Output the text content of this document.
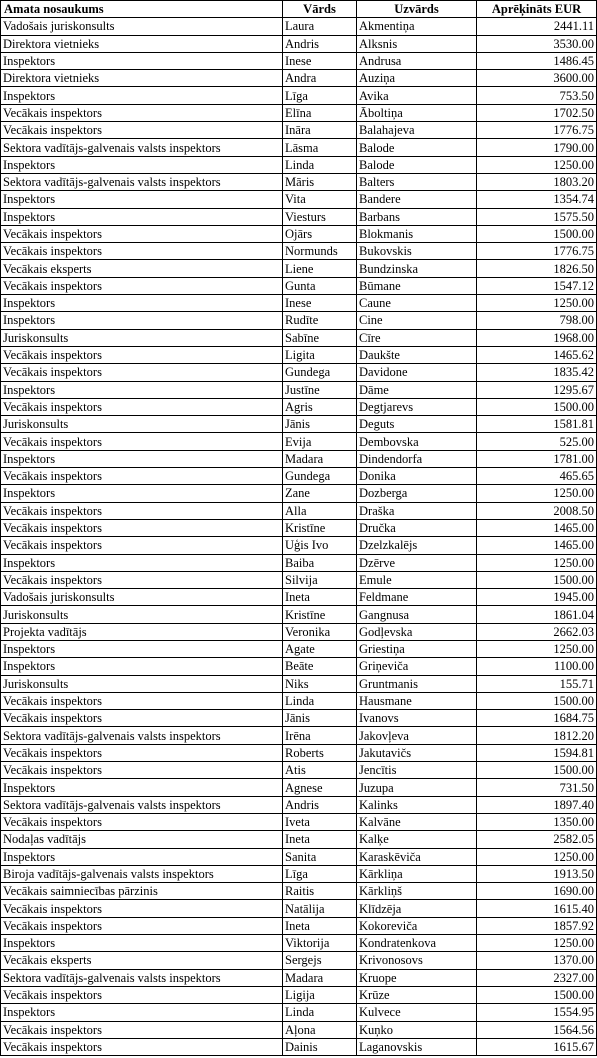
Amata nosaukums	Vārds	Uzvārds	Aprēķināts EUR
Vadošais juriskonsults	Laura	Akmentiņa	2441.11
Direktora vietnieks	Andris	Alksnis	3530.00
Inspektors	Inese	Andrusa	1486.45
Direktora vietnieks	Andra	Auziņa	3600.00
Inspektors	Līga	Avika	753.50
Vecākais inspektors	Elīna	Āboltiņa	1702.50
Vecākais inspektors	Ināra	Balahajeva	1776.75
Sektora vadītājs-galvenais valsts inspektors	Lāsma	Balode	1790.00
Inspektors	Linda	Balode	1250.00
Sektora vadītājs-galvenais valsts inspektors	Māris	Balters	1803.20
Inspektors	Vita	Bandere	1354.74
Inspektors	Viesturs	Barbans	1575.50
Vecākais inspektors	Ojārs	Blokmanis	1500.00
Vecākais inspektors	Normunds	Bukovskis	1776.75
Vecākais eksperts	Liene	Bundzinska	1826.50
Vecākais inspektors	Gunta	Būmane	1547.12
Inspektors	Inese	Caune	1250.00
Inspektors	Rudīte	Cine	798.00
Juriskonsults	Sabīne	Cīre	1968.00
Vecākais inspektors	Ligita	Daukšte	1465.62
Vecākais inspektors	Gundega	Davidone	1835.42
Inspektors	Justīne	Dāme	1295.67
Vecākais inspektors	Agris	Degtjarevs	1500.00
Juriskonsults	Jānis	Deguts	1581.81
Vecākais inspektors	Evija	Dembovska	525.00
Inspektors	Madara	Dindendorfa	1781.00
Vecākais inspektors	Gundega	Donika	465.65
Inspektors	Zane	Dozberga	1250.00
Vecākais inspektors	Alla	Draška	2008.50
Vecākais inspektors	Kristīne	Dručka	1465.00
Vecākais inspektors	Uģis Ivo	Dzelzkalējs	1465.00
Inspektors	Baiba	Dzērve	1250.00
Vecākais inspektors	Silvija	Emule	1500.00
Vadošais juriskonsults	Ineta	Feldmane	1945.00
Juriskonsults	Kristīne	Gangnusa	1861.04
Projekta vadītājs	Veronika	Godļevska	2662.03
Inspektors	Agate	Griestiņa	1250.00
Inspektors	Beāte	Griņeviča	1100.00
Juriskonsults	Niks	Gruntmanis	155.71
Vecākais inspektors	Linda	Hausmane	1500.00
Vecākais inspektors	Jānis	Ivanovs	1684.75
Sektora vadītājs-galvenais valsts inspektors	Irēna	Jakovļeva	1812.20
Vecākais inspektors	Roberts	Jakutavičs	1594.81
Vecākais inspektors	Atis	Jencītis	1500.00
Inspektors	Agnese	Juzupa	731.50
Sektora vadītājs-galvenais valsts inspektors	Andris	Kalinks	1897.40
Vecākais inspektors	Iveta	Kalvāne	1350.00
Nodaļas vadītājs	Ineta	Kalķe	2582.05
Inspektors	Sanita	Karaskēviča	1250.00
Biroja vadītājs-galvenais valsts inspektors	Līga	Kārkliņa	1913.50
Vecākais saimniecības pārzinis	Raitis	Kārkliņš	1690.00
Vecākais inspektors	Natālija	Klīdzēja	1615.40
Vecākais inspektors	Ineta	Kokoreviča	1857.92
Inspektors	Viktorija	Kondratenkova	1250.00
Vecākais eksperts	Sergejs	Krivonosovs	1370.00
Sektora vadītājs-galvenais valsts inspektors	Madara	Kruope	2327.00
Vecākais inspektors	Ligija	Krūze	1500.00
Inspektors	Linda	Kulvece	1554.95
Vecākais inspektors	Aļona	Kuņko	1564.56
Vecākais inspektors	Dainis	Laganovskis	1615.67
